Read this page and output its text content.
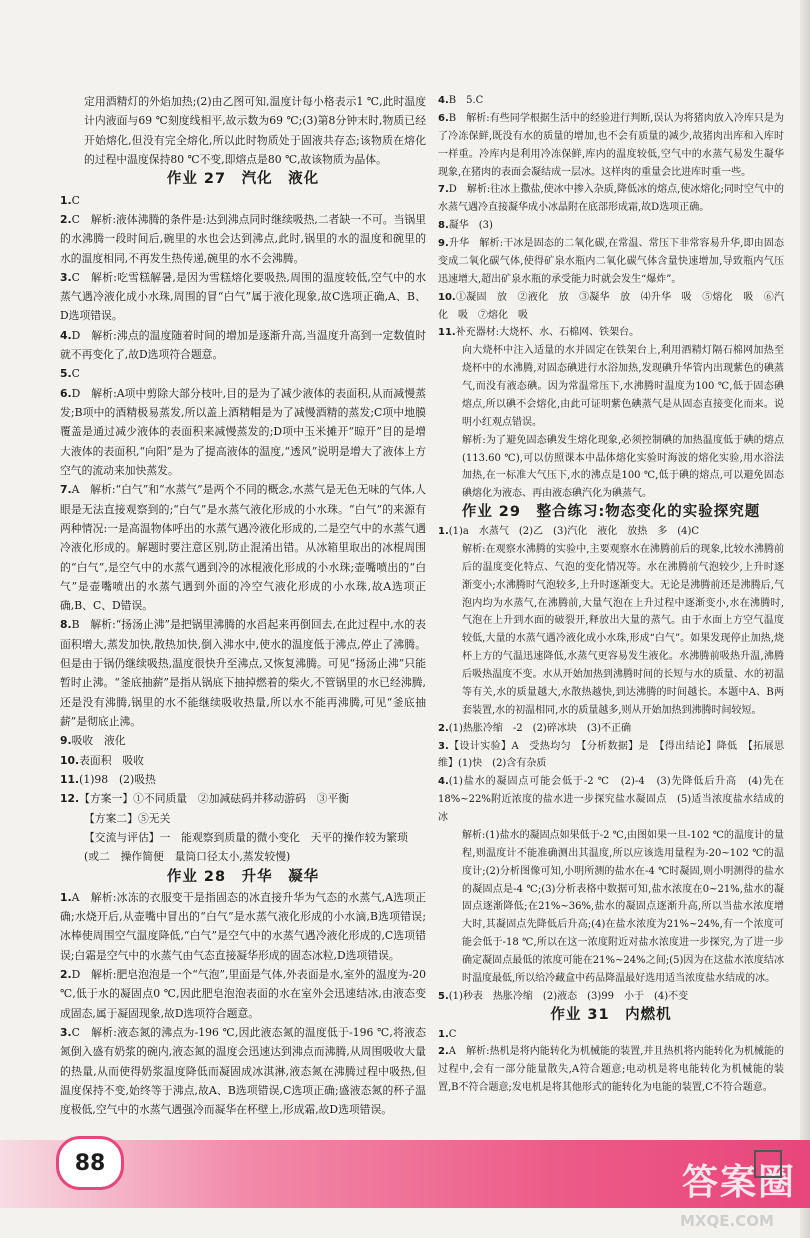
定用酒精灯的外焰加热;(2)由乙图可知,温度计每小格表示1 ℃,此时温度计内液面与69 ℃刻度线相平,故示数为69 ℃;(3)第8分钟末时,物质已经开始熔化,但没有完全熔化,所以此时物质处于固液共存态;该物质在熔化的过程中温度保持80 ℃不变,即熔点是80 ℃,故该物质为晶体。

作业 27　汽化　液化

1.C

2.C　解析:液体沸腾的条件是:达到沸点同时继续吸热,二者缺一不可。当锅里的水沸腾一段时间后,碗里的水也会达到沸点,此时,锅里的水的温度和碗里的水的温度相同,不再发生热传递,碗里的水不会沸腾。

3.C　解析:吃雪糕解暑,是因为雪糕熔化要吸热,周围的温度较低,空气中的水蒸气遇冷液化成小水珠,周围的冒“白气”属于液化现象,故C选项正确,A、B、D选项错误。

4.D　解析:沸点的温度随着时间的增加是逐渐升高,当温度升高到一定数值时就不再变化了,故D选项符合题意。

5.C

6.D　解析:A项中剪除大部分枝叶,目的是为了减少液体的表面积,从而减慢蒸发;B项中的酒精极易蒸发,所以盖上酒精帽是为了减慢酒精的蒸发;C项中地膜覆盖是通过减少液体的表面积来减慢蒸发的;D项中玉米摊开“晾开”目的是增大液体的表面积,“向阳”是为了提高液体的温度,“透风”说明是增大了液体上方空气的流动来加快蒸发。

7.A　解析:“白气”和“水蒸气”是两个不同的概念,水蒸气是无色无味的气体,人眼是无法直接观察到的;“白气”是水蒸气液化形成的小水珠。“白气”的来源有两种情况:一是高温物体呼出的水蒸气遇冷液化形成的,二是空气中的水蒸气遇冷液化形成的。解题时要注意区别,防止混淆出错。从冰箱里取出的冰棍周围的“白气”,是空气中的水蒸气遇到冷的冰棍液化形成的小水珠;壶嘴喷出的“白气”是壶嘴喷出的水蒸气遇到外面的冷空气液化形成的小水珠,故A选项正确,B、C、D错误。

8.B　解析:“扬汤止沸”是把锅里沸腾的水舀起来再倒回去,在此过程中,水的表面积增大,蒸发加快,散热加快,倒入沸水中,使水的温度低于沸点,停止了沸腾。但是由于锅仍继续吸热,温度很快升至沸点,又恢复沸腾。可见“扬汤止沸”只能暂时止沸。“釜底抽薪”是指从锅底下抽掉燃着的柴火,不管锅里的水已经沸腾,还是没有沸腾,锅里的水不能继续吸收热量,所以水不能再沸腾,可见“釜底抽薪”是彻底止沸。

9.吸收　液化

10.表面积　吸收

11.(1)98　(2)吸热

12.【方案一】①不同质量　②加减砝码并移动游码　③平衡

【方案二】⑤无关

【交流与评估】一　能观察到质量的微小变化　天平的操作较为繁琐

(或二　操作简便　量筒口径太小,蒸发较慢)

作业 28　升华　凝华

1.A　解析:冰冻的衣服变干是指固态的冰直接升华为气态的水蒸气,A选项正确;水烧开后,从壶嘴中冒出的“白气”是水蒸气液化形成的小水滴,B选项错误;冰棒使周围空气温度降低,“白气”是空气中的水蒸气遇冷液化形成的,C选项错误;白霜是空气中的水蒸气由气态直接凝华形成的固态冰粒,D选项错误。

2.D　解析:肥皂泡泡是一个“气泡”,里面是气体,外表面是水,室外的温度为-20 ℃,低于水的凝固点0 ℃,因此肥皂泡泡表面的水在室外会迅速结冰,由液态变成固态,属于凝固现象,故D选项符合题意。

3.C　解析:液态氮的沸点为-196 ℃,因此液态氮的温度低于-196 ℃,将液态氮倒入盛有奶浆的碗内,液态氮的温度会迅速达到沸点而沸腾,从周围吸收大量的热量,从而使得奶浆温度降低而凝固成冰淇淋,液态氮在沸腾过程中吸热,但温度保持不变,始终等于沸点,故A、B选项错误,C选项正确;盛液态氮的杯子温度极低,空气中的水蒸气遇强冷而凝华在杯壁上,形成霜,故D选项错误。

4.B　5.C

6.B　解析:有些同学根据生活中的经验进行判断,误认为将猪肉放入冷库只是为了冷冻保鲜,既没有水的质量的增加,也不会有质量的减少,故猪肉出库和入库时一样重。冷库内是利用冷冻保鲜,库内的温度较低,空气中的水蒸气易发生凝华现象,在猪肉的表面会凝结成一层冰。这样肉的重量会比进库时重一些。

7.D　解析:往冰上撒盐,使冰中掺入杂质,降低冰的熔点,使冰熔化;同时空气中的水蒸气遇冷直接凝华成小冰晶附在底部形成霜,故D选项正确。

8.凝华　(3)

9.升华　解析:干冰是固态的二氧化碳,在常温、常压下非常容易升华,即由固态变成二氧化碳气体,使得矿泉水瓶内二氧化碳气体含量快速增加,导致瓶内气压迅速增大,超出矿泉水瓶的承受能力时就会发生“爆炸”。

10.①凝固　放　②液化　放　③凝华　放　⑷升华　吸　⑤熔化　吸　⑥汽化　吸　⑦熔化　吸

11.补充器材:大烧杯、水、石棉网、铁架台。

向大烧杯中注入适量的水并固定在铁架台上,利用酒精灯隔石棉网加热至烧杯中的水沸腾,对固态碘进行水浴加热,发现碘升华管内出现紫色的碘蒸气,而没有液态碘。因为常温常压下,水沸腾时温度为100 ℃,低于固态碘熔点,所以碘不会熔化,由此可证明紫色碘蒸气是从固态直接变化而来。说明小红观点错误。

解析:为了避免固态碘发生熔化现象,必须控制碘的加热温度低于碘的熔点(113.60 ℃),可以仿照课本中晶体熔化实验时海波的熔化实验,用水浴法加热,在一标准大气压下,水的沸点是100 ℃,低于碘的熔点,可以避免固态碘熔化为液态、再由液态碘汽化为碘蒸气。

作业 29　整合练习:物态变化的实验探究题

1.(1)a　水蒸气　(2)乙　(3)汽化　液化　放热　多　(4)C

解析:在观察水沸腾的实验中,主要观察水在沸腾前后的现象,比较水沸腾前后的温度变化特点、气泡的变化情况等。水在沸腾前气泡较少,上升时逐渐变小;水沸腾时气泡较多,上升时逐渐变大。无论是沸腾前还是沸腾后,气泡内均为水蒸气,在沸腾前,大量气泡在上升过程中逐渐变小,水在沸腾时,气泡在上升到水面的破裂开,释放出大量的蒸气。由于水面上方空气温度较低,大量的水蒸气遇冷液化成小水珠,形成“白气”。如果发现停止加热,烧杯上方的气温迅速降低,水蒸气更容易发生液化。水沸腾前吸热升温,沸腾后吸热温度不变。水从开始加热到沸腾时间的长短与水的质量、水的初温等有关,水的质量越大,水散热越快,到达沸腾的时间越长。本题中A、B两套装置,水的初温相同,水的质量越多,则从开始加热到沸腾时间较短。

2.(1)热胀冷缩　-2　(2)碎冰块　(3)不正确

3.【设计实验】A　受热均匀　【分析数据】是　【得出结论】降低　【拓展思维】(1)快　(2)含有杂质

4.(1)盐水的凝固点可能会低于-2 ℃　(2)-4　(3)先降低后升高　(4)先在18%~22%附近浓度的盐水进一步探究盐水凝固点　(5)适当浓度盐水结成的冰

解析:(1)盐水的凝固点如果低于-2 ℃,由图如果一旦-102 ℃的温度计的量程,则温度计不能准确测出其温度,所以应该选用量程为-20~102 ℃的温度计;(2)分析图像可知,小明所测的盐水在-4 ℃时凝固,则小明测得的盐水的凝固点是-4 ℃;(3)分析表格中数据可知,盐水浓度在0~21%,盐水的凝固点逐渐降低;在21%~36%,盐水的凝固点逐渐升高,所以当盐水浓度增大时,其凝固点先降低后升高;(4)在盐水浓度为21%~24%,有一个浓度可能会低于-18 ℃,所以在这一浓度附近对盐水浓度进一步探究,为了进一步确定凝固点最低的浓度可能在21%~24%之间;(5)因为在这盐水浓度结冰时温度最低,所以给冷藏盒中药品降温最好选用适当浓度盐水结成的冰。

5.(1)秒表　热胀冷缩　(2)液态　(3)99　小于　(4)不变

作业 31　内燃机

1.C

2.A　解析:热机是将内能转化为机械能的装置,并且热机将内能转化为机械能的过程中,会有一部分能量散失,A符合题意;电动机是将电能转化为机械能的装置,B不符合题意;发电机是将其他形式的能转化为电能的装置,C不符合题意。

88	答案圈
MXQE.COM
